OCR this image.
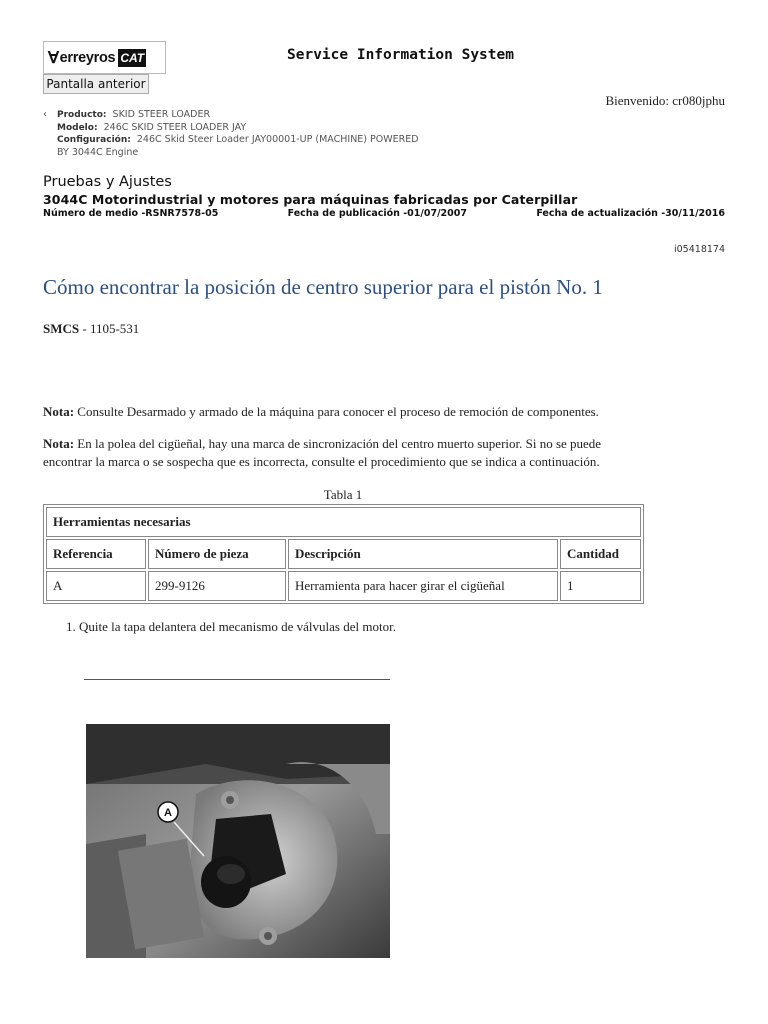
∀ erreyros CAT
Pantalla anterior
Service Information System
Bienvenido: cr080jphu
‹ Producto: SKID STEER LOADER
Modelo: 246C SKID STEER LOADER JAY
Configuración: 246C Skid Steer Loader JAY00001-UP (MACHINE) POWERED
BY 3044C Engine
Pruebas y Ajustes
3044C Motorindustrial y motores para máquinas fabricadas por Caterpillar
Número de medio -RSNR7578-05	Fecha de publicación -01/07/2007	Fecha de actualización -30/11/2016
i05418174
Cómo encontrar la posición de centro superior para el pistón No. 1
SMCS - 1105-531
Nota: Consulte Desarmado y armado de la máquina para conocer el proceso de remoción de componentes.
Nota: En la polea del cigüeñal, hay una marca de sincronización del centro muerto superior. Si no se puede
encontrar la marca o se sospecha que es incorrecta, consulte el procedimiento que se indica a continuación.
Tabla 1
Herramientas necesarias			
Referencia	Número de pieza	Descripción	Cantidad
A	299-9126	Herramienta para hacer girar el cigüeñal	1
1. Quite la tapa delantera del mecanismo de válvulas del motor.
A
